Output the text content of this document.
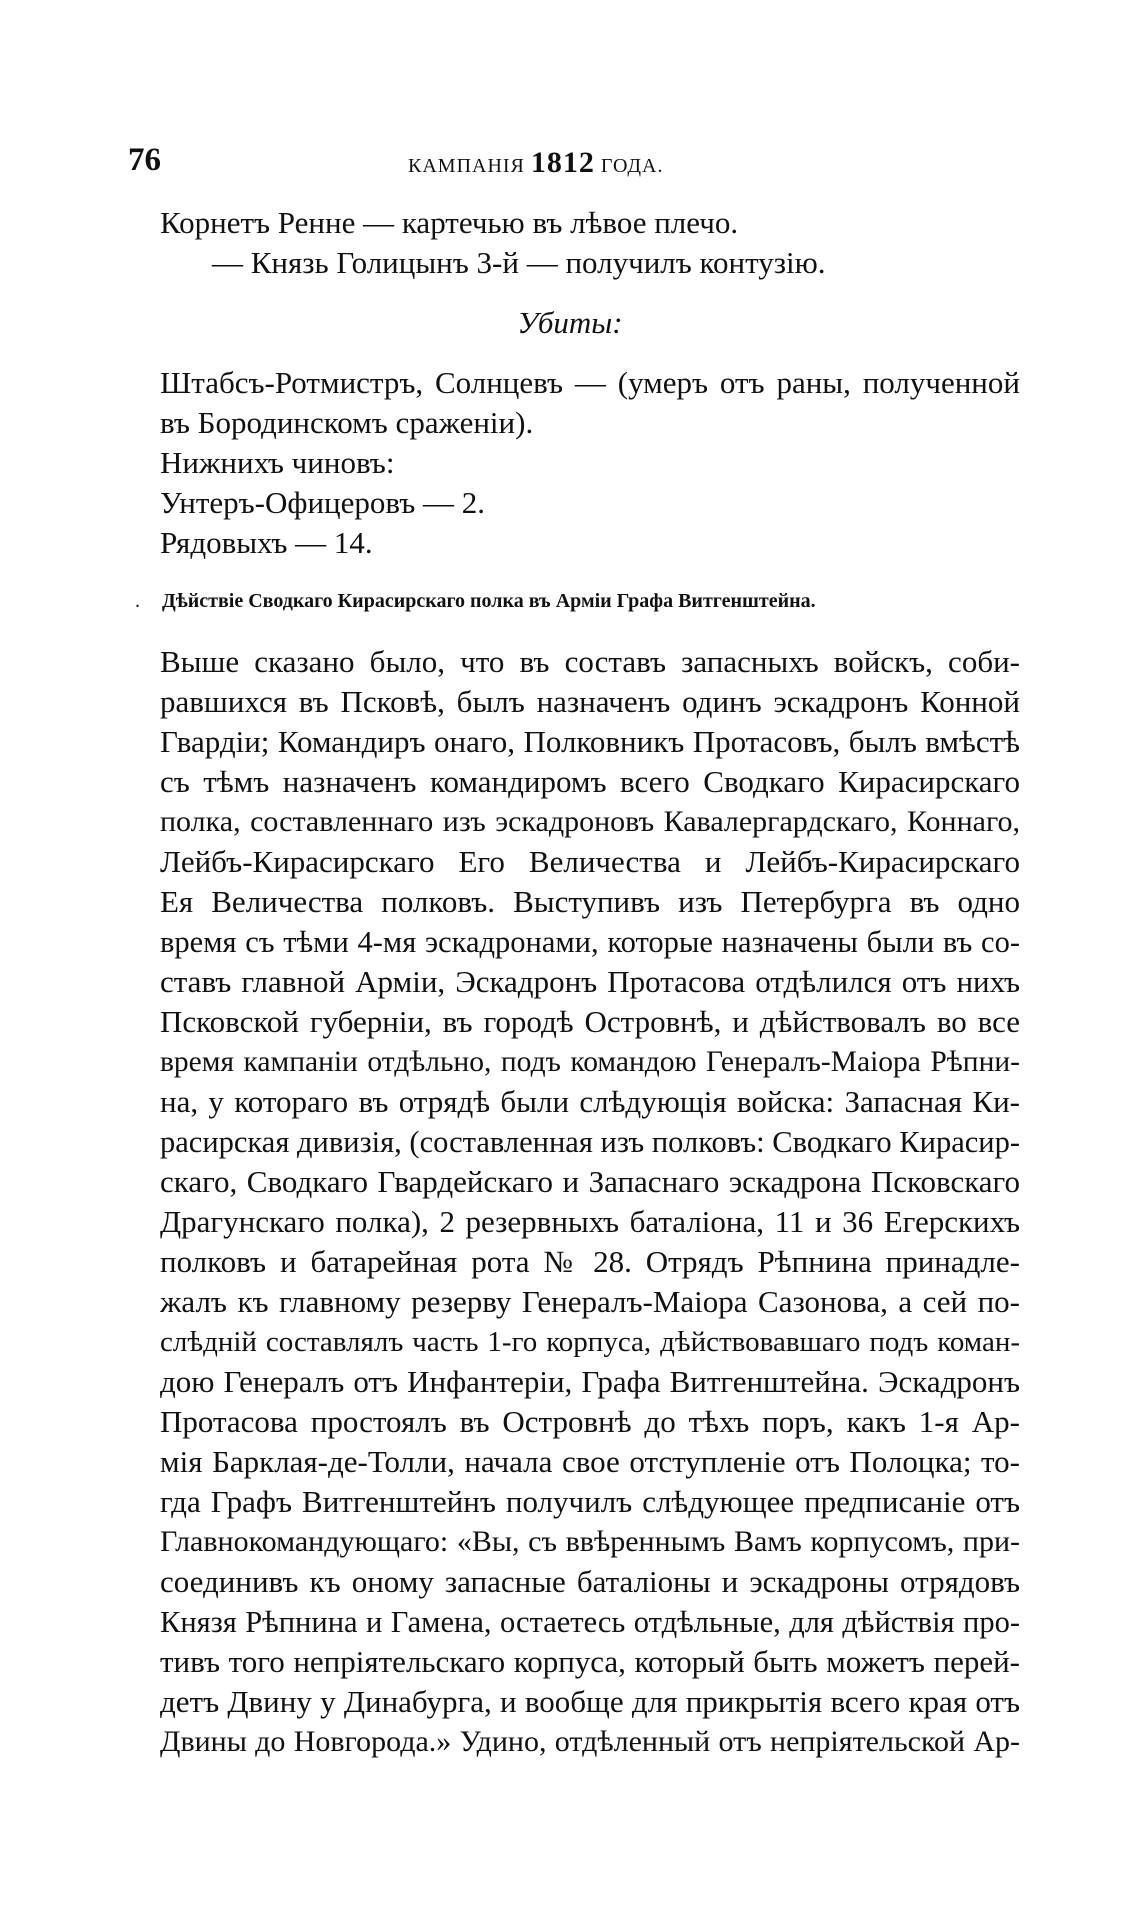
76	КАМПАНІЯ 1812 ГОДА.
Корнетъ Ренне — картечью въ лѣвое плечо.
— Князь Голицынъ 3-й — получилъ контузію.
Убиты:
Штабсъ-Ротмистръ, Солнцевъ — (умеръ отъ раны, полученной
въ Бородинскомъ сраженіи).
Нижнихъ чиновъ:
Унтеръ-Офицеровъ — 2.
Рядовыхъ — 14.
. Дѣйствіе Сводкаго Кирасирскаго полка въ Арміи Графа Витгенштейна.
Выше сказано было, что въ составъ запасныхъ войскъ, соби-
равшихся въ Псковѣ, былъ назначенъ одинъ эскадронъ Конной
Гвардіи; Командиръ онаго, Полковникъ Протасовъ, былъ вмѣстѣ
съ тѣмъ назначенъ командиромъ всего Сводкаго Кирасирскаго
полка, составленнаго изъ эскадроновъ Кавалергардскаго, Коннаго,
Лейбъ-Кирасирскаго Его Величества и Лейбъ-Кирасирскаго
Ея Величества полковъ. Выступивъ изъ Петербурга въ одно
время съ тѣми 4-мя эскадронами, которые назначены были въ со-
ставъ главной Арміи, Эскадронъ Протасова отдѣлился отъ нихъ
Псковской губерніи, въ городѣ Островнѣ, и дѣйствовалъ во все
время кампаніи отдѣльно, подъ командою Генералъ-Маіора Рѣпни-
на, у котораго въ отрядѣ были слѣдующія войска: Запасная Ки-
расирская дивизія, (составленная изъ полковъ: Сводкаго Кирасир-
скаго, Сводкаго Гвардейскаго и Запаснаго эскадрона Псковскаго
Драгунскаго полка), 2 резервныхъ баталіона, 11 и 36 Егерскихъ
полковъ и батарейная рота № 28. Отрядъ Рѣпнина принадле-
жалъ къ главному резерву Генералъ-Маіора Сазонова, а сей по-
слѣдній составлялъ часть 1-го корпуса, дѣйствовавшаго подъ коман-
дою Генералъ отъ Инфантеріи, Графа Витгенштейна. Эскадронъ
Протасова простоялъ въ Островнѣ до тѣхъ поръ, какъ 1-я Ар-
мія Барклая-де-Толли, начала свое отступленіе отъ Полоцка; то-
гда Графъ Витгенштейнъ получилъ слѣдующее предписаніе отъ
Главнокомандующаго: «Вы, съ ввѣреннымъ Вамъ корпусомъ, при-
соединивъ къ оному запасные баталіоны и эскадроны отрядовъ
Князя Рѣпнина и Гамена, остаетесь отдѣльные, для дѣйствія про-
тивъ того непріятельскаго корпуса, который быть можетъ перей-
детъ Двину у Динабурга, и вообще для прикрытія всего края отъ
Двины до Новгорода.» Удино, отдѣленный отъ непріятельской Ар-
